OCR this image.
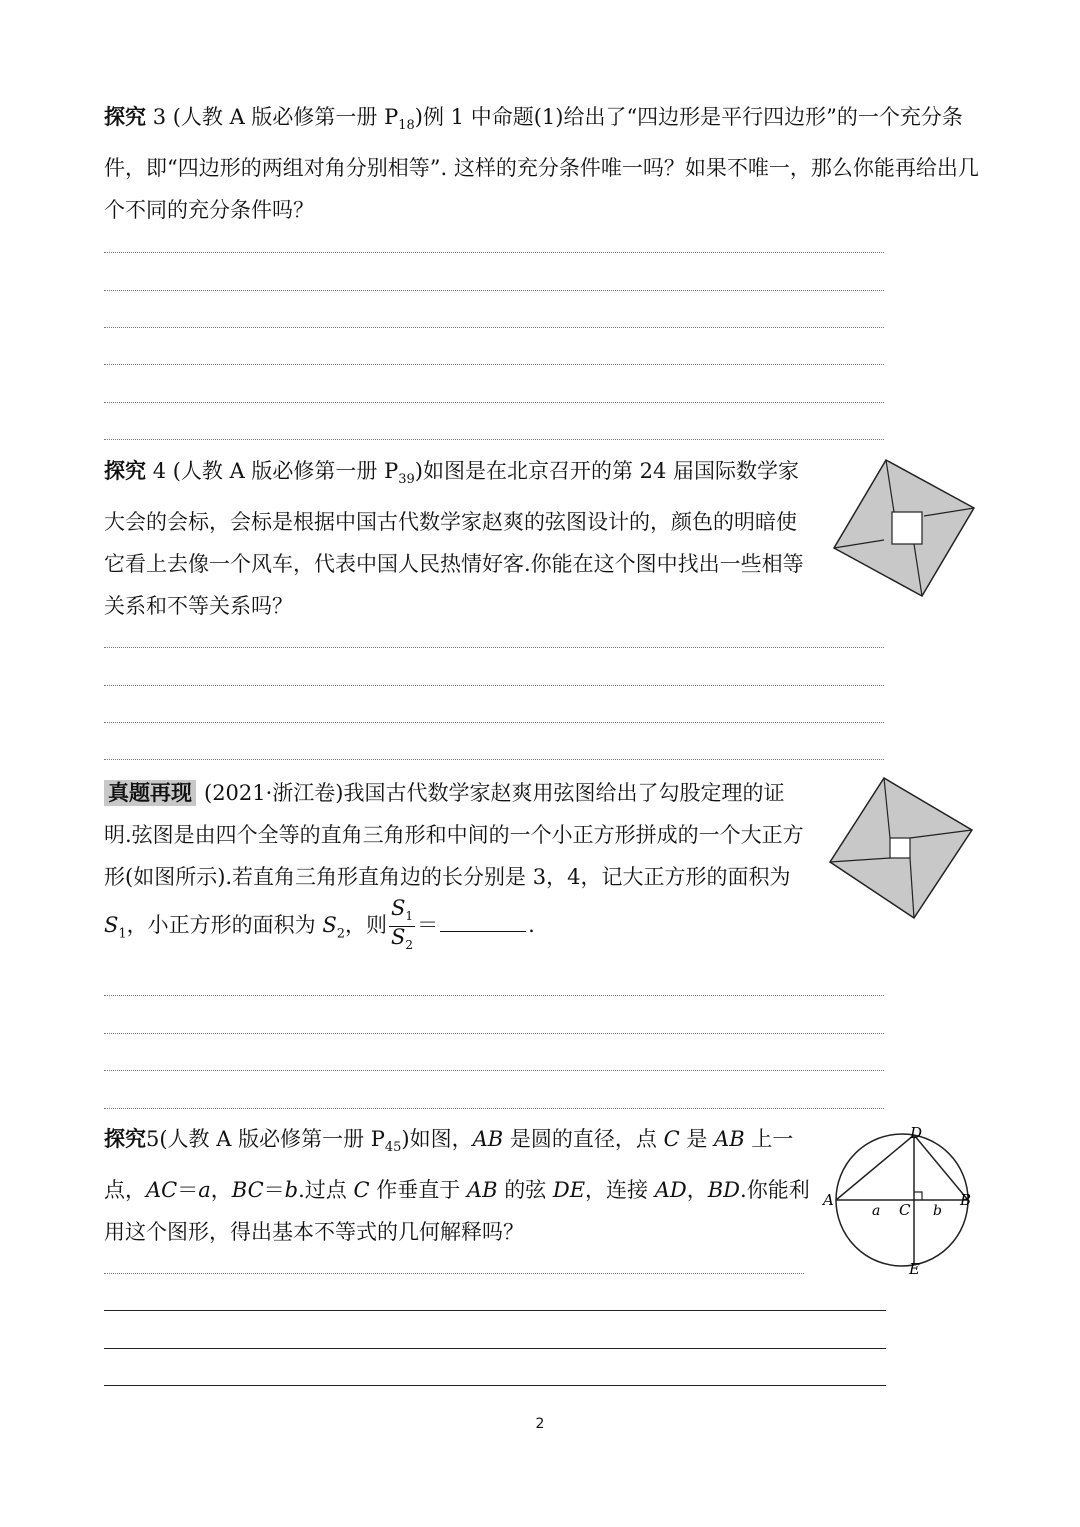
探究 3 (人教 A 版必修第一册 $P_{18}$)例 1 中命题(1)给出了“四边形是平行四边形”的一个充分条件，即“四边形的两组对角分别相等”. 这样的充分条件唯一吗？如果不唯一，那么你能再给出几个不同的充分条件吗？
探究 4 (人教 A 版必修第一册 $P_{39}$)如图是在北京召开的第 24 届国际数学家大会的会标，会标是根据中国古代数学家赵爽的弦图设计的，颜色的明暗使它看上去像一个风车，代表中国人民热情好客.你能在这个图中找出一些相等关系和不等关系吗？
真题再现 (2021·浙江卷)我国古代数学家赵爽用弦图给出了勾股定理的证明.弦图是由四个全等的直角三角形和中间的一个小正方形拼成的一个大正方形(如图所示).若直角三角形直角边的长分别是 3，4，记大正方形的面积为 $S_1$，小正方形的面积为 $S_2$，则 $\frac{S_1}{S_2}$ ＝	.
探究5(人教 A 版必修第一册 $P_{45}$)如图，AB 是圆的直径，点 C 是 AB 上一点，AC＝a，BC＝b.过点 C 作垂直于 AB 的弦 DE，连接 AD，BD.你能利用这个图形，得出基本不等式的几何解释吗？
D
A	B
C
a	b
E
2
